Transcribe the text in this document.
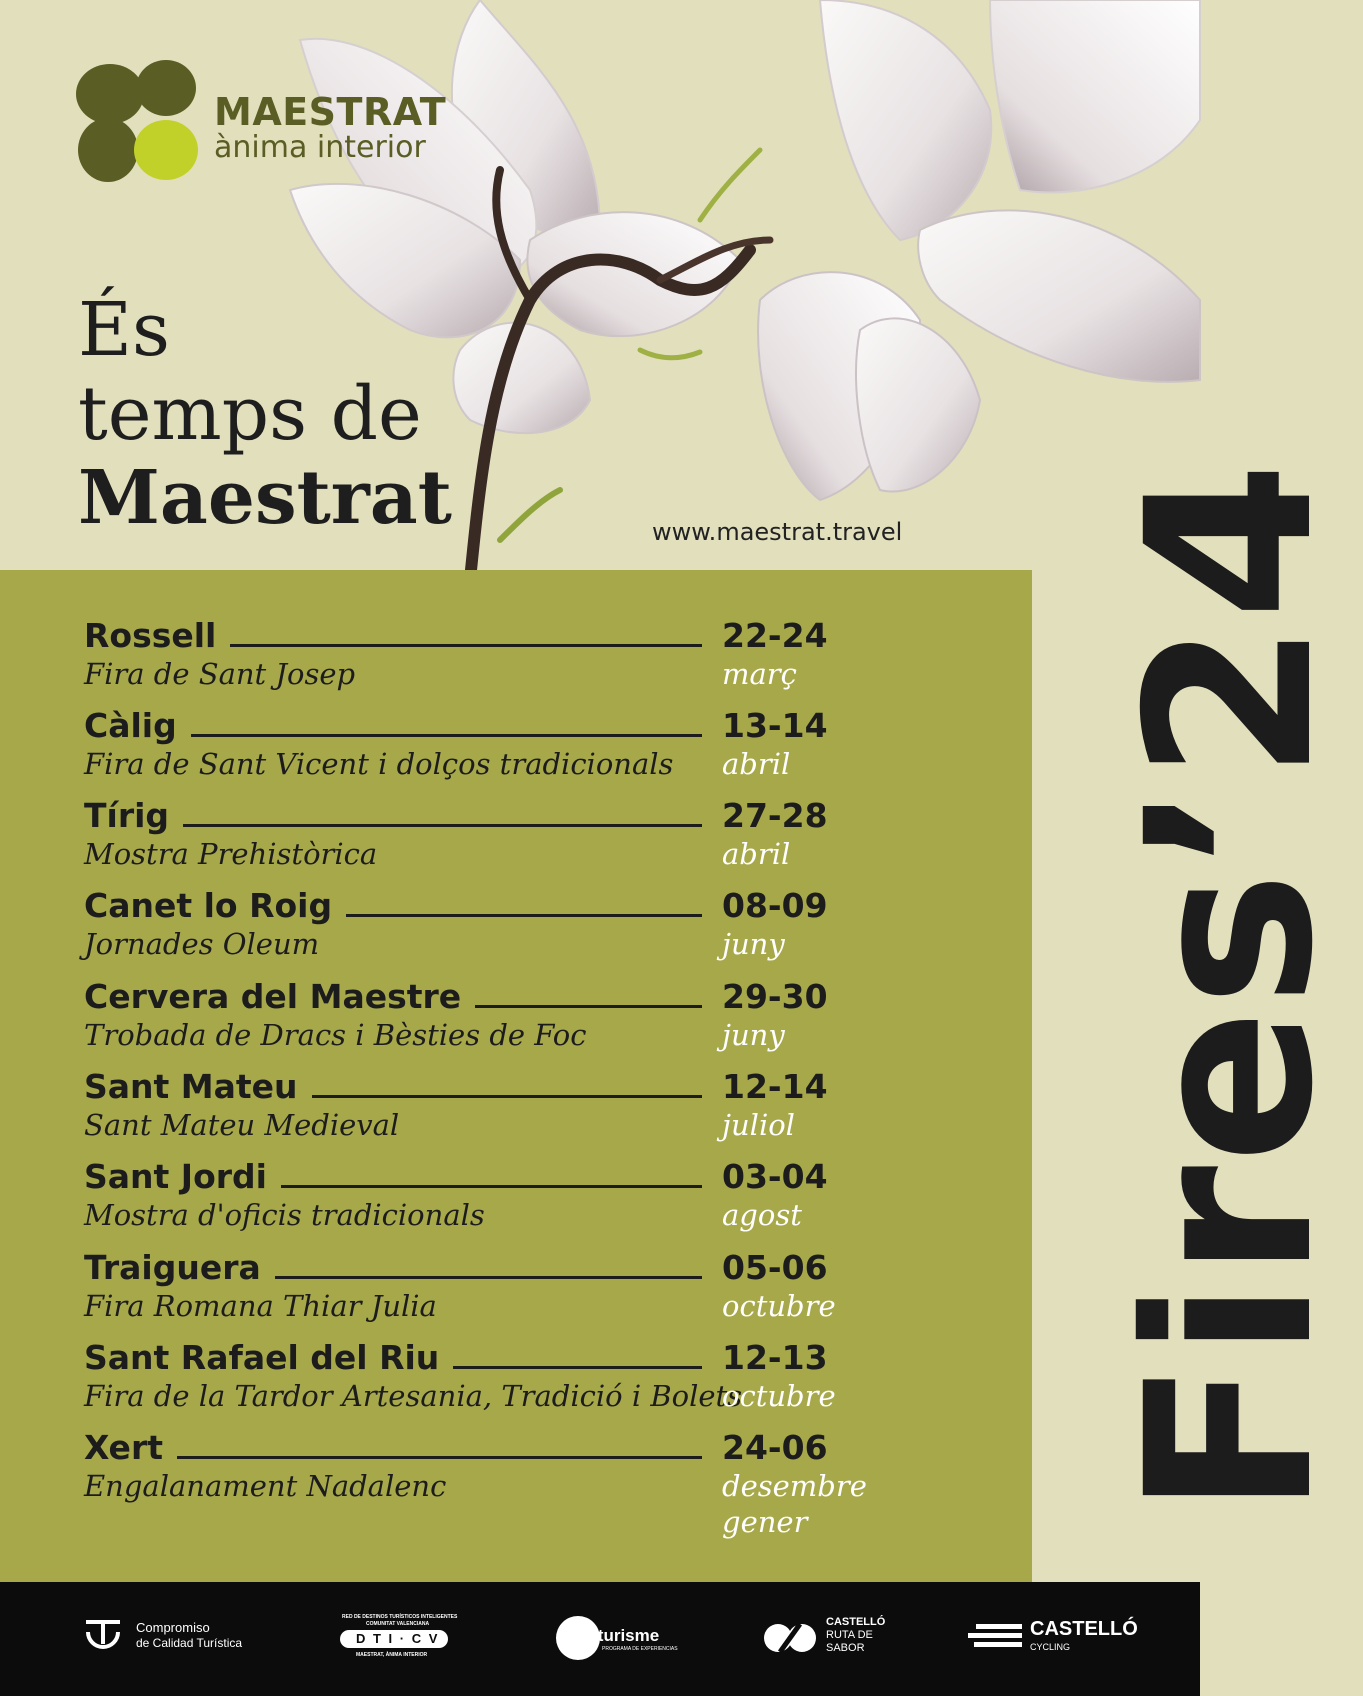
MAESTRAT
ànima interior
És
temps de
Maestrat	www.maestrat.travel
Rossell
Fira de Sant Josep
22-24
març
Càlig
Fira de Sant Vicent i dolços tradicionals
13-14
abril
Tírig
Mostra Prehistòrica
27-28
abril
Canet lo Roig
Jornades Oleum
08-09
juny
Cervera del Maestre
Trobada de Dracs i Bèsties de Foc
29-30
juny
Sant Mateu
Sant Mateu Medieval
12-14
juliol
Sant Jordi
Mostra d'oficis tradicionals
03-04
agost
Traiguera
Fira Romana Thiar Julia
05-06
octubre
Sant Rafael del Riu
Fira de la Tardor Artesania, Tradició i Bolets
12-13
octubre
Xert
Engalanament Nadalenc
24-06
desembre
gener
Fires’24
Compromiso
de Calidad Turística
RED DE DESTINOS TURÍSTICOS INTELIGENTES
COMUNITAT VALENCIANA
D T I · C V
MAESTRAT, ÀNIMA INTERIOR
Creaturisme
PROGRAMA DE EXPERIENCIAS
CASTELLÓ
RUTA DE
SABOR
CASTELLÓ
CYCLING
